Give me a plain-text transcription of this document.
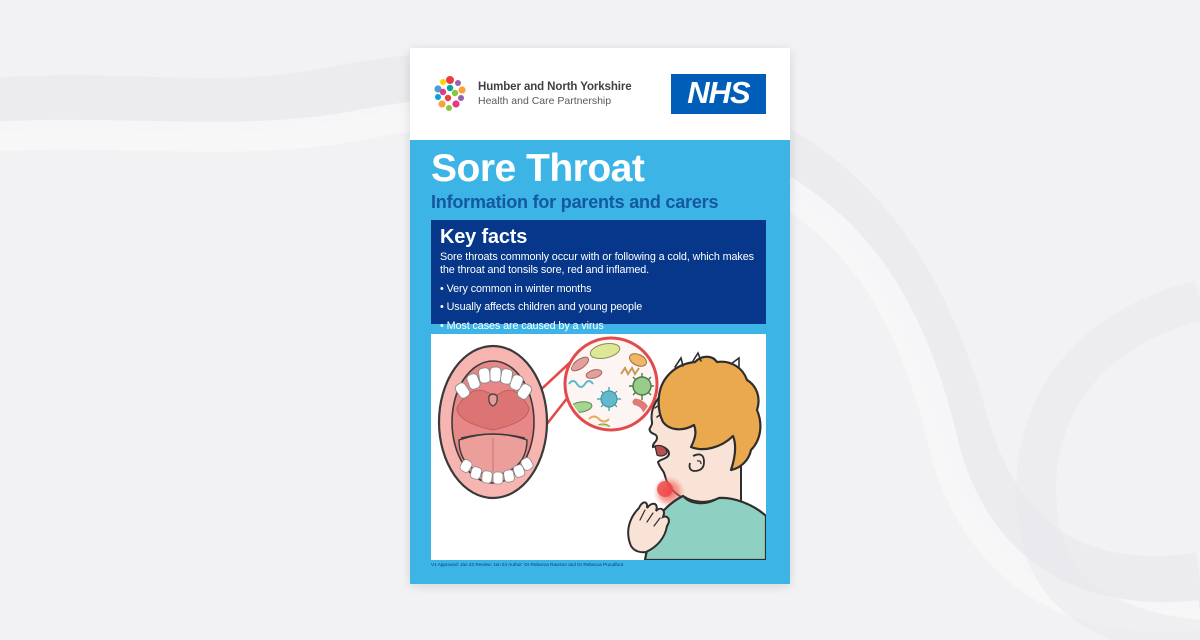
Humber and North Yorkshire
Health and Care Partnership	NHS
Sore Throat
Information for parents and carers
Key facts
Sore throats commonly occur with or following a cold, which makes the throat and tonsils sore, red and inflamed.
• Very common in winter months
• Usually affects children and young people
• Most cases are caused by a virus
V1 Approved: Jan 22 Review: Jan 24 Author: Dr Rebecca Rawson and Dr Rebecca Proudfoot
